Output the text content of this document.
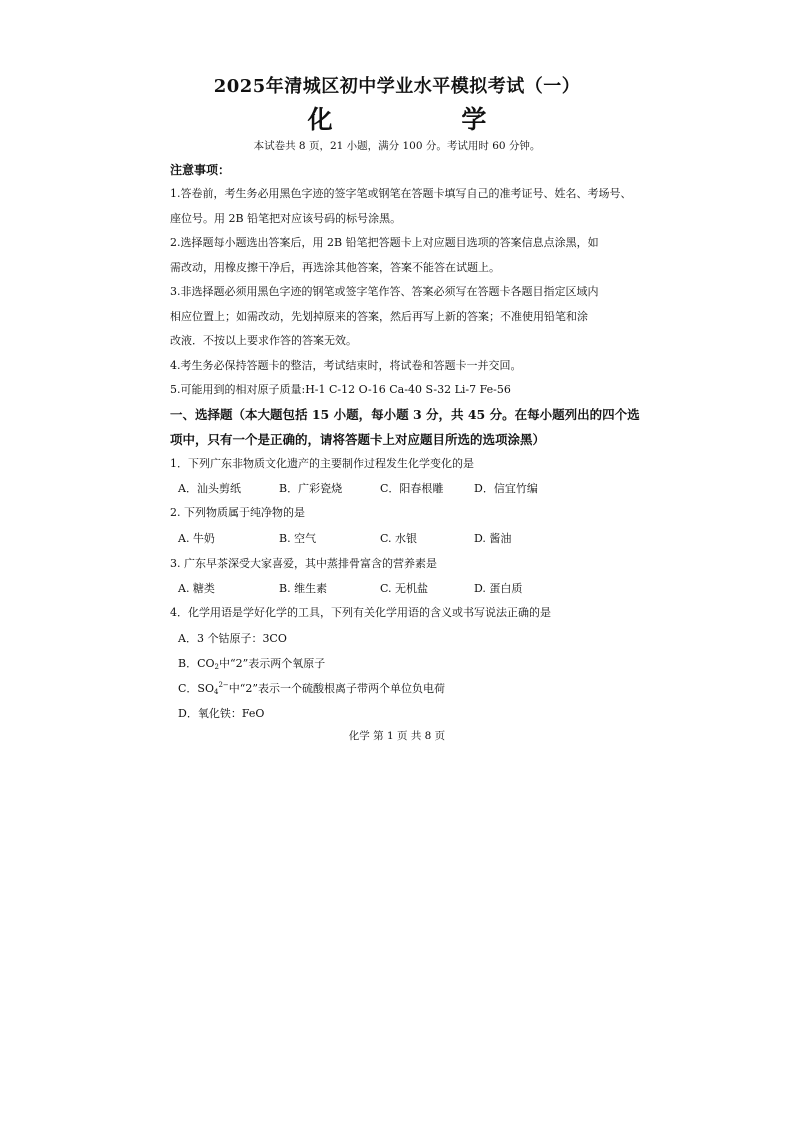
2025年清城区初中学业水平模拟考试（一）
化 学
本试卷共 8 页，21 小题，满分 100 分。考试用时 60 分钟。
注意事项：
1.答卷前，考生务必用黑色字迹的签字笔或钢笔在答题卡填写自己的准考证号、姓名、考场号、
座位号。用 2B 铅笔把对应该号码的标号涂黑。
2.选择题每小题选出答案后，用 2B 铅笔把答题卡上对应题目选项的答案信息点涂黑，如
需改动，用橡皮擦干净后，再选涂其他答案，答案不能答在试题上。
3.非选择题必须用黑色字迹的钢笔或签字笔作答、答案必须写在答题卡各题目指定区域内
相应位置上；如需改动，先划掉原来的答案，然后再写上新的答案；不准使用铅笔和涂
改液．不按以上要求作答的答案无效。
4.考生务必保持答题卡的整洁，考试结束时，将试卷和答题卡一并交回。
5.可能用到的相对原子质量:H-1 C-12 O-16 Ca-40 S-32 Li-7 Fe-56
一、选择题（本大题包括 15 小题，每小题 3 分，共 45 分。在每小题列出的四个选项中，只有一个是正确的，请将答题卡上对应题目所选的选项涂黑）
1．下列广东非物质文化遗产的主要制作过程发生化学变化的是
A．汕头剪纸	B．广彩瓷烧	C．阳春根雕	D．信宜竹编
2. 下列物质属于纯净物的是
A. 牛奶	B. 空气	C. 水银	D. 酱油
3. 广东早茶深受大家喜爱，其中蒸排骨富含的营养素是
A. 糖类	B. 维生素	C. 无机盐	D. 蛋白质
4．化学用语是学好化学的工具，下列有关化学用语的含义或书写说法正确的是
A．3 个钴原子：3CO
B．$CO_2$中“2”表示两个氧原子
C．$SO_4^{2-}$中“2”表示一个硫酸根离子带两个单位负电荷
D．氧化铁：FeO
化学 第 1 页 共 8 页
